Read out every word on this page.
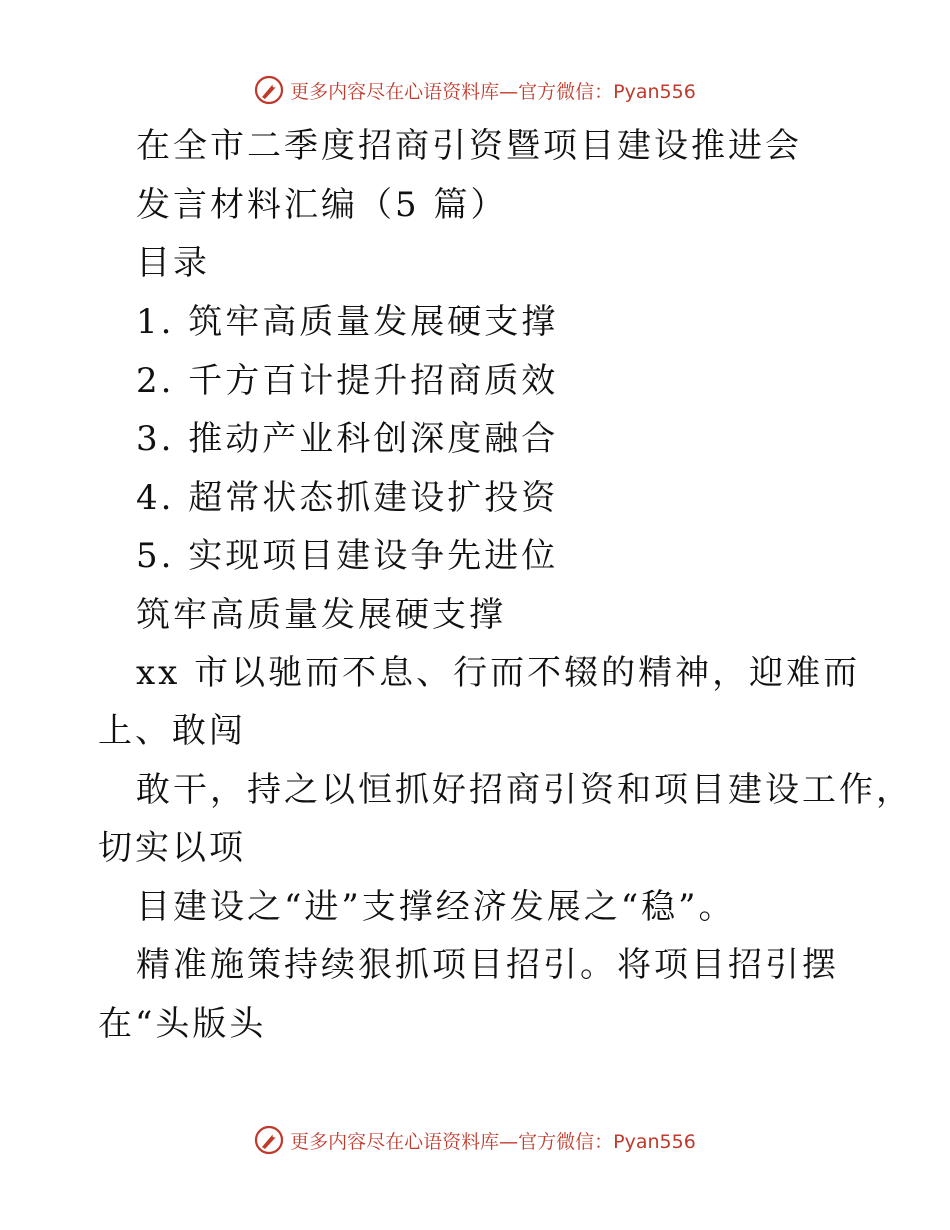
更多内容尽在心语资料库—官方微信：Pyan556
在全市二季度招商引资暨项目建设推进会
发言材料汇编（5 篇）
目录
1. 筑牢高质量发展硬支撑
2. 千方百计提升招商质效
3. 推动产业科创深度融合
4. 超常状态抓建设扩投资
5. 实现项目建设争先进位
筑牢高质量发展硬支撑
xx 市以驰而不息、行而不辍的精神，迎难而
上、敢闯
敢干，持之以恒抓好招商引资和项目建设工作，
切实以项
目建设之“进”支撑经济发展之“稳”。
精准施策持续狠抓项目招引。将项目招引摆
在“头版头
更多内容尽在心语资料库—官方微信：Pyan556
